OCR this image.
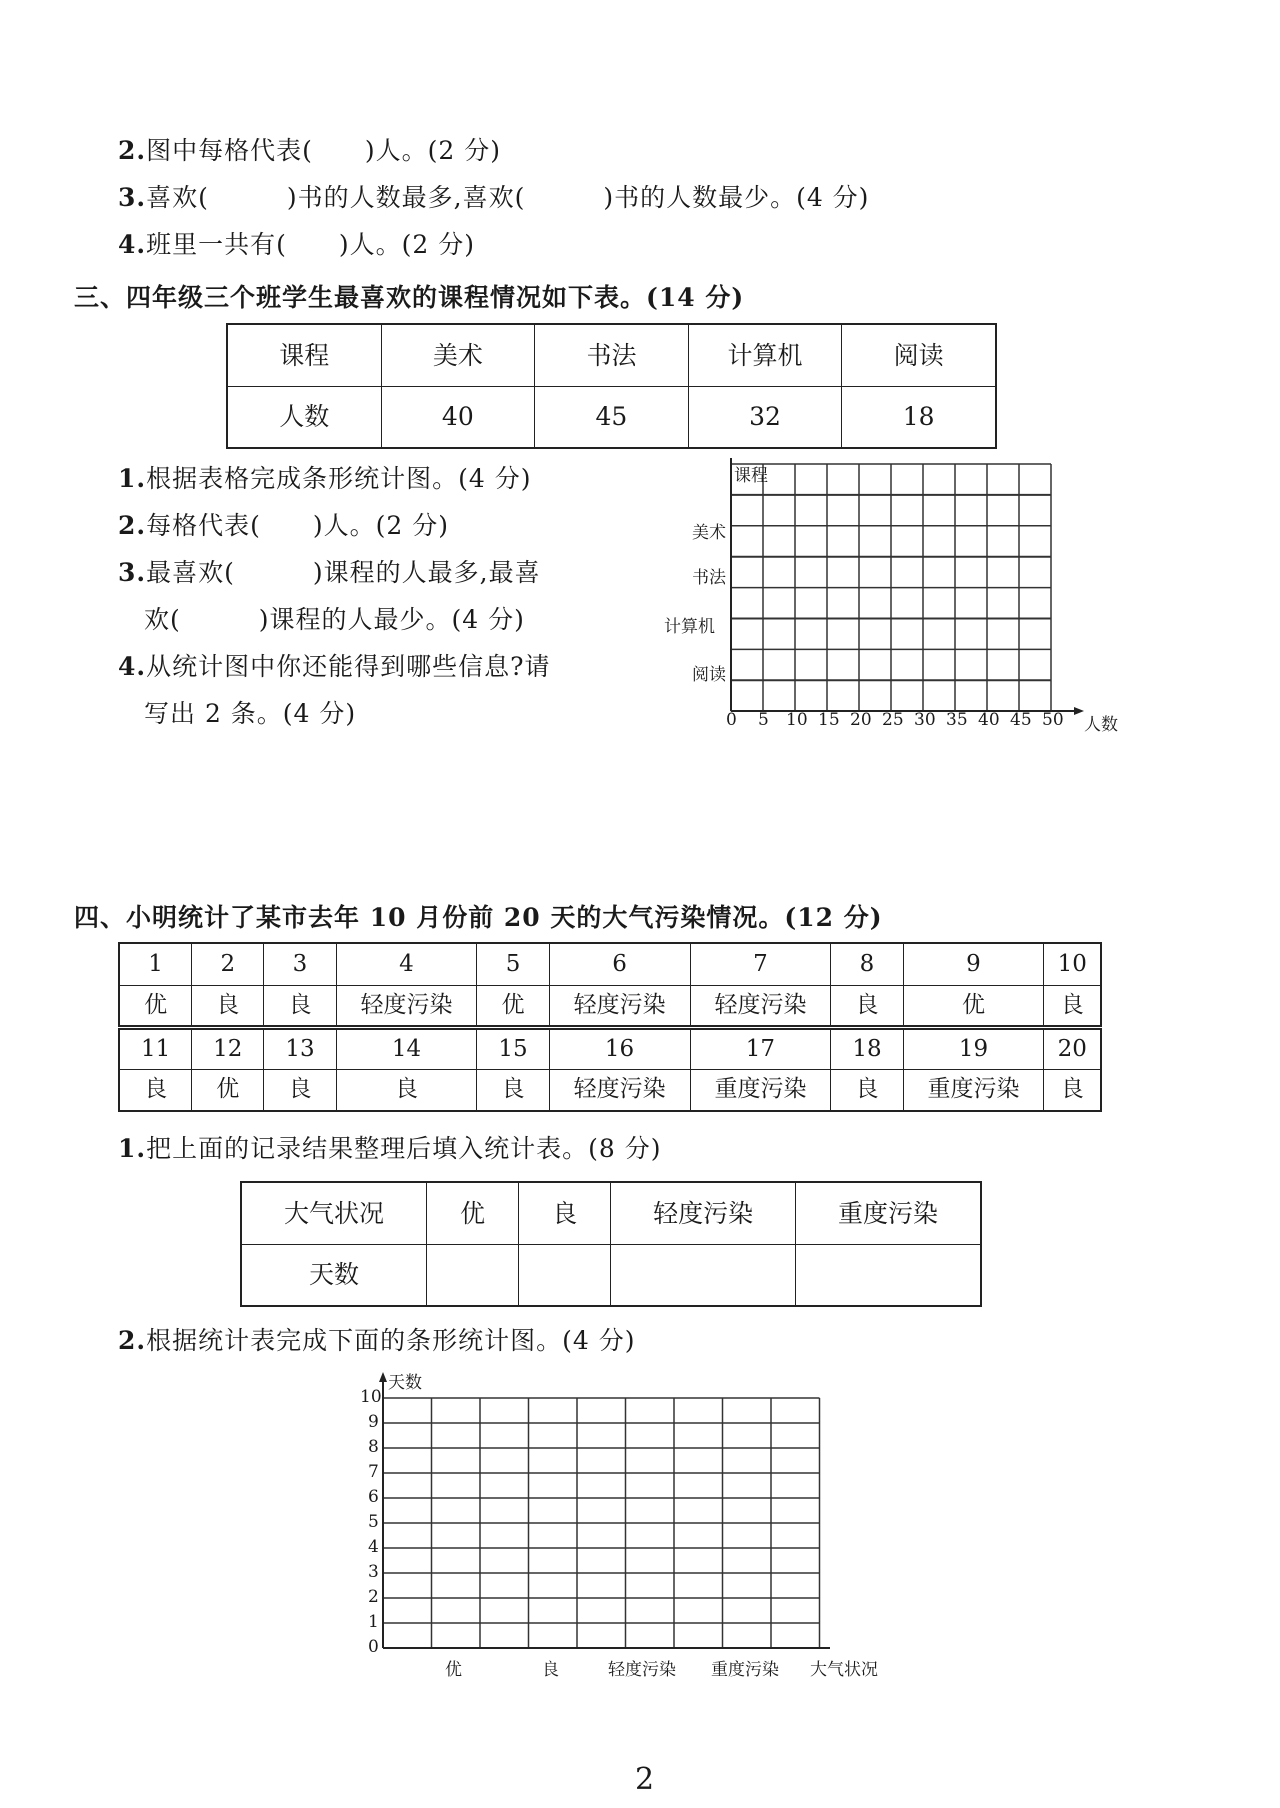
2.图中每格代表(　　)人。(2 分)
3.喜欢(　　　)书的人数最多,喜欢(　　　)书的人数最少。(4 分)
4.班里一共有(　　)人。(2 分)
三、四年级三个班学生最喜欢的课程情况如下表。(14 分)
课程	美术	书法	计算机	阅读
人数	40	45	32	18
1.根据表格完成条形统计图。(4 分)
2.每格代表(　　)人。(2 分)
3.最喜欢(　　　)课程的人最多,最喜
欢(　　　)课程的人最少。(4 分)
4.从统计图中你还能得到哪些信息?请
写出 2 条。(4 分)
课程
美术
书法
计算机
阅读
0 5 10 15 20 25 30 35 40 45 50 人数
四、小明统计了某市去年 10 月份前 20 天的大气污染情况。(12 分)
1	2	3	4	5	6	7	8	9	10
优	良	良	轻度污染	优	轻度污染	轻度污染	良	优	良
11	12	13	14	15	16	17	18	19	20
良	优	良	良	良	轻度污染	重度污染	良	重度污染	良
1.把上面的记录结果整理后填入统计表。(8 分)
大气状况	优	良	轻度污染	重度污染
天数				
2.根据统计表完成下面的条形统计图。(4 分)
天数
0
1
2
3
4
5
6
7
8
9
10
优	良	轻度污染 重度污染 大气状况
2
